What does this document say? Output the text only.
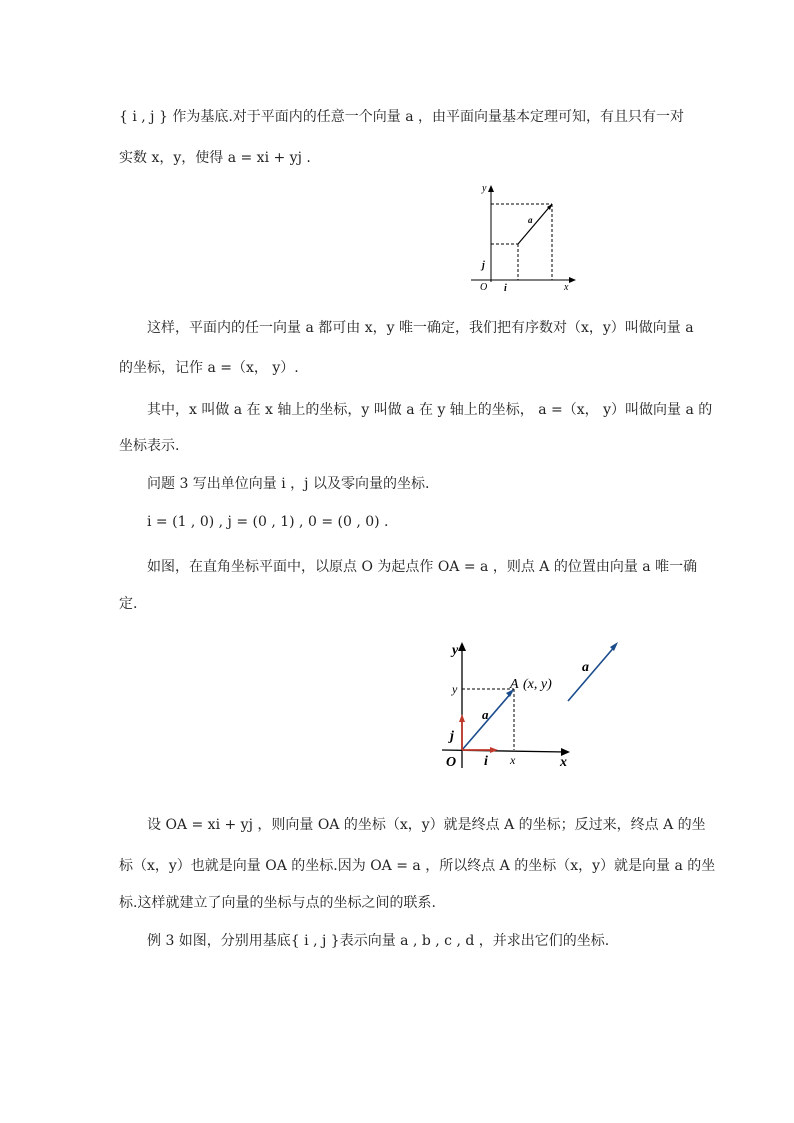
{ i , j } 作为基底.对于平面内的任意一个向量 a ，由平面向量基本定理可知，有且只有一对
实数 x，y，使得 a = xi + yj .
y
x
O i
j
a
这样，平面内的任一向量 a 都可由 x，y 唯一确定，我们把有序数对（x，y）叫做向量 a
的坐标，记作 a =（x， y）.
其中，x 叫做 a 在 x 轴上的坐标，y 叫做 a 在 y 轴上的坐标， a =（x， y）叫做向量 a 的
坐标表示.
问题 3 写出单位向量 i ，j 以及零向量的坐标.
i = (1 , 0) , j = (0 , 1) , 0 = (0 , 0) .
如图，在直角坐标平面中，以原点 O 为起点作 OA = a ，则点 A 的位置由向量 a 唯一确
定.
y
x
O i
j
a
x
y	A (x, y)
a
设 OA = xi + yj ，则向量 OA 的坐标（x，y）就是终点 A 的坐标；反过来，终点 A 的坐
标（x，y）也就是向量 OA 的坐标.因为 OA = a ，所以终点 A 的坐标（x，y）就是向量 a 的坐
标.这样就建立了向量的坐标与点的坐标之间的联系.
例 3 如图，分别用基底{ i , j }表示向量 a , b , c , d ，并求出它们的坐标.
